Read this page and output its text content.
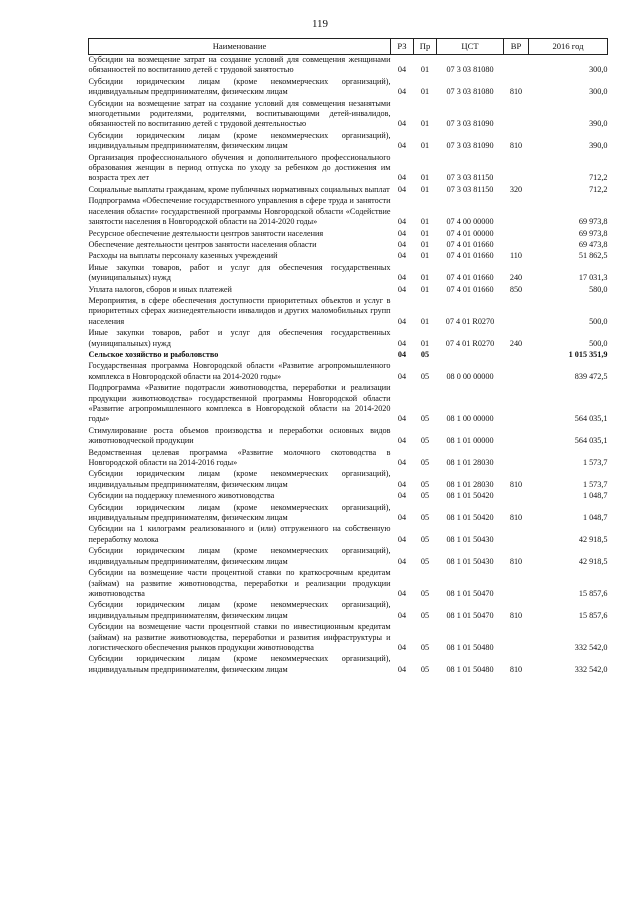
119
Наименование	РЗ	Пр	ЦСТ	ВР	2016 год
Субсидии на возмещение затрат на создание условий для совмещения женщинами обязанностей по воспитанию детей с трудовой занятостью	04	01	07 3 03 81080		300,0
Субсидии юридическим лицам (кроме некоммерческих организаций), индивидуальным предпринимателям, физическим лицам	04	01	07 3 03 81080	810	300,0
Субсидии на возмещение затрат на создание условий для совмещения незанятыми многодетными родителями, родителями, воспитывающими детей-инвалидов, обязанностей по воспитанию детей с трудовой деятельностью	04	01	07 3 03 81090		390,0
Субсидии юридическим лицам (кроме некоммерческих организаций), индивидуальным предпринимателям, физическим лицам	04	01	07 3 03 81090	810	390,0
Организация профессионального обучения и дополнительного профессионального образования женщин в период отпуска по уходу за ребенком до достижения им возраста трех лет	04	01	07 3 03 81150		712,2
Социальные выплаты гражданам, кроме публичных нормативных социальных выплат	04	01	07 3 03 81150	320	712,2
Подпрограмма «Обеспечение государственного управления в сфере труда и занятости населения области» государственной программы Новгородской области «Содействие занятости населения в Новгородской области на 2014-2020 годы»	04	01	07 4 00 00000		69 973,8
Ресурсное обеспечение деятельности центров занятости населения	04	01	07 4 01 00000		69 973,8
Обеспечение деятельности центров занятости населения области	04	01	07 4 01 01660		69 473,8
Расходы на выплаты персоналу казенных учреждений	04	01	07 4 01 01660	110	51 862,5
Иные закупки товаров, работ и услуг для обеспечения государственных (муниципальных) нужд	04	01	07 4 01 01660	240	17 031,3
Уплата налогов, сборов и иных платежей	04	01	07 4 01 01660	850	580,0
Мероприятия, в сфере обеспечения доступности приоритетных объектов и услуг в приоритетных сферах жизнедеятельности инвалидов и других маломобильных групп населения	04	01	07 4 01 R0270		500,0
Иные закупки товаров, работ и услуг для обеспечения государственных (муниципальных) нужд	04	01	07 4 01 R0270	240	500,0
Сельское хозяйство и рыболовство	04	05			1 015 351,9
Государственная программа Новгородской области «Развитие агропромышленного комплекса в Новгородской области на 2014-2020 годы»	04	05	08 0 00 00000		839 472,5
Подпрограмма «Развитие подотрасли животноводства, переработки и реализации продукции животноводства» государственной программы Новгородской области «Развитие агропромышленного комплекса в Новгородской области на 2014-2020 годы»	04	05	08 1 00 00000		564 035,1
Стимулирование роста объемов производства и переработки основных видов животноводческой продукции	04	05	08 1 01 00000		564 035,1
Ведомственная целевая программа «Развитие молочного скотоводства в Новгородской области на 2014-2016 годы»	04	05	08 1 01 28030		1 573,7
Субсидии юридическим лицам (кроме некоммерческих организаций), индивидуальным предпринимателям, физическим лицам	04	05	08 1 01 28030	810	1 573,7
Субсидии на поддержку племенного животноводства	04	05	08 1 01 50420		1 048,7
Субсидии юридическим лицам (кроме некоммерческих организаций), индивидуальным предпринимателям, физическим лицам	04	05	08 1 01 50420	810	1 048,7
Субсидии на 1 килограмм реализованного и (или) отгруженного на собственную переработку молока	04	05	08 1 01 50430		42 918,5
Субсидии юридическим лицам (кроме некоммерческих организаций), индивидуальным предпринимателям, физическим лицам	04	05	08 1 01 50430	810	42 918,5
Субсидии на возмещение части процентной ставки по краткосрочным кредитам (займам) на развитие животноводства, переработки и реализации продукции животноводства	04	05	08 1 01 50470		15 857,6
Субсидии юридическим лицам (кроме некоммерческих организаций), индивидуальным предпринимателям, физическим лицам	04	05	08 1 01 50470	810	15 857,6
Субсидии на возмещение части процентной ставки по инвестиционным кредитам (займам) на развитие животноводства, переработки и развития инфраструктуры и логистического обеспечения рынков продукции животноводства	04	05	08 1 01 50480		332 542,0
Субсидии юридическим лицам (кроме некоммерческих организаций), индивидуальным предпринимателям, физическим лицам	04	05	08 1 01 50480	810	332 542,0
